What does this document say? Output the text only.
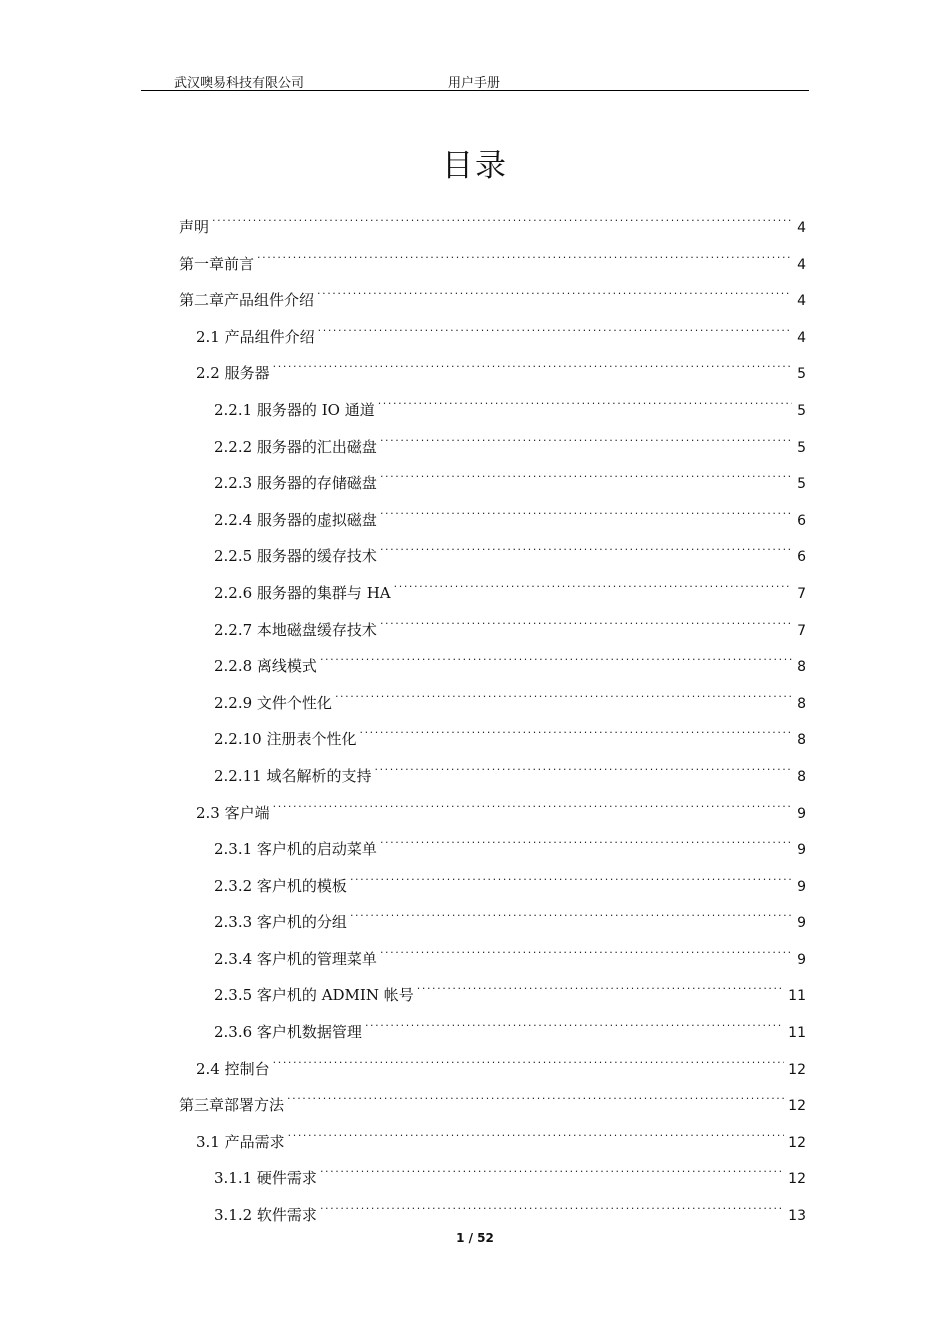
武汉噢易科技有限公司	用户手册
目录
声明 .....	4
第一章前言 .....	4
第二章产品组件介绍 .....	4
2.1 产品组件介绍 .....	4
2.2 服务器 .....	5
2.2.1 服务器的 IO 通道 .....	5
2.2.2 服务器的汇出磁盘 .....	5
2.2.3 服务器的存储磁盘 .....	5
2.2.4 服务器的虚拟磁盘 .....	6
2.2.5 服务器的缓存技术 .....	6
2.2.6 服务器的集群与 HA .....	7
2.2.7 本地磁盘缓存技术 .....	7
2.2.8 离线模式 .....	8
2.2.9 文件个性化 .....	8
2.2.10 注册表个性化 .....	8
2.2.11 域名解析的支持 .....	8
2.3 客户端 .....	9
2.3.1 客户机的启动菜单 .....	9
2.3.2 客户机的模板 .....	9
2.3.3 客户机的分组 .....	9
2.3.4 客户机的管理菜单 .....	9
2.3.5 客户机的 ADMIN 帐号 .....	11
2.3.6 客户机数据管理 .....	11
2.4 控制台 .....	12
第三章部署方法 .....	12
3.1 产品需求 .....	12
3.1.1 硬件需求 .....	12
3.1.2 软件需求 .....	13
1 / 52
